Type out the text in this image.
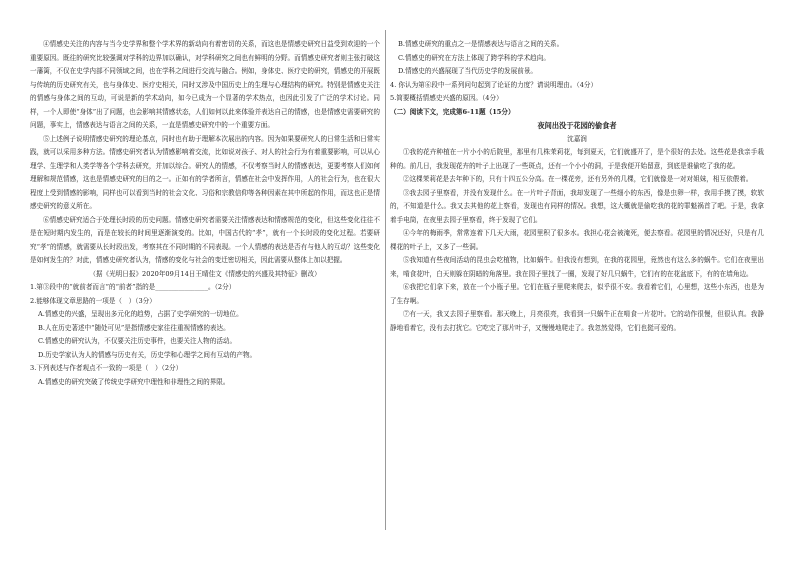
④情感史关注的内容与当今史学界和整个学术界的新动向有着密切的关系，而这也是情感史研究日益受到欢迎的一个重要原因。既往的研究比较强调对学科的边界加以确认，对学科研究之间也有鲜明的分野。而情感史研究者则主张打破这一藩篱，不仅在史学内部不同领域之间，也在学科之间进行交流与融合。例如，身体史、医疗史的研究，情感史的开展既与传统的历史研究有关，也与身体史、医疗史相关，同时又涉及中国历史上的生理与心理结构的研究。特别是情感史关注的情感与身体之间的互动，可说是新的学术动向，如今已成为一个显著的学术热点，也因此引发了广泛的学术讨论。同样，一个人即使“身体”出了问题，也会影响其情感状态，人们如何以此来体验并表达自己的情感，也是情感史需要研究的问题，事实上，情感表达与语言之间的关系，一直是情感史研究中的一个重要方面。

⑤上述例子说明情感史研究的理论基点，同时也有助于理解本次展出的内容。因为如果要研究人的日常生活和日常实践，就可以采用多种方法。情感史研究者认为情感影响着交流，比如说对孩子、对人的社会行为有着重要影响，可以从心理学、生理学和人类学等各个学科去研究，并加以综合。研究人的情感，不仅考察当时人的情感表达，更要考察人们如何理解和规范情感，这也是情感史研究的目的之一。正如有的学者所言，情感在社会中发挥作用，人的社会行为，也在很大程度上受到情感的影响，同样也可以看到当时的社会文化、习俗和宗教信仰等各种因素在其中所起的作用，而这也正是情感史研究的意义所在。

⑥情感史研究适合于处理长时段的历史问题。情感史研究者需要关注情感表达和情感规范的变化，但这些变化往往不是在短时期内发生的，而是在较长的时间里逐渐演变的。比如，中国古代的“孝”，就有一个长时段的变化过程。若要研究“孝”的情感，就需要从长时段出发，考察其在不同时期的不同表现。一个人情感的表达是否有与他人的互动？这些变化是如何发生的？对此，情感史研究者认为，情感的变化与社会的变迁密切相关，因此需要从整体上加以把握。

（据《光明日报》2020年09月14日王晴佳文《情感史的兴盛及其特征》删改）

1.第③段中的“就前者而言”的“前者”指的是________________。（2分）

2.能够体现文章思路的一项是（　）（3分）

A.情感史的兴盛，呈现出多元化的趋势，占据了史学研究的一切地位。

B.人在历史著述中“随处可见”是指情感史家往往重视情感的表达。

C.情感史的研究认为，不仅要关注历史事件，也要关注人物的活动。

D.历史学家认为人的情感与历史有关，历史学和心理学之间有互动的产物。

3.下列表述与作者观点不一致的一项是（　）（2分）

A.情感史的研究突破了传统史学研究中理性和非理性之间的界限。

B.情感史研究的重点之一是情感表达与语言之间的关系。

C.情感史的研究在方法上体现了跨学科的学术趋向。

D.情感史的兴盛展现了当代历史学的发展前景。

4. 你认为第⑥段中一系列问句起到了论证的力度？请说明理由。（4分）

5.简要概括情感史兴盛的原因。（4分）

（二）阅读下文，完成第6-11题（15分）

夜间出没于花园的偷食者

沈嘉润

①我的花卉种植在一片小小的后院里，那里有几株茉莉花，每到夏天，它们就盛开了，是个很好的去处。这些花是我亲手栽种的。前几日，我发现花卉的叶子上出现了一些斑点，还有一个小小的洞，于是我便开始留意，到底是谁偷吃了我的花。

②这棵茉莉花是去年种下的，只有十四五公分高。在一棵花旁，还有另外的几棵，它们就像是一对对姐妹，相互依偎着。

③我去园子里察看，并没有发现什么。在一片叶子背面，我却发现了一些细小的东西，像是虫卵一样，我用手摸了摸，软软的，不知道是什么。我又去其他的花上察看，发现也有同样的情况。我想，这大概就是偷吃我的花的罪魁祸首了吧。于是，我拿着手电筒，在夜里去园子里察看，终于发现了它们。

④今年的梅雨季，常常连着下几天大雨，花园里积了很多水。我担心花会被淹死，便去察看。花园里的情况还好，只是有几棵花的叶子上，又多了一些洞。

⑤我知道有些夜间活动的昆虫会吃植物，比如蜗牛。但我没有想到，在我的花园里，竟然也有这么多的蜗牛。它们在夜里出来，啃食花叶，白天则躲在阴暗的角落里。我在园子里找了一圈，发现了好几只蜗牛，它们有的在花盆底下，有的在墙角边。

⑥我把它们拿下来，放在一个小瓶子里。它们在瓶子里爬来爬去，似乎很不安。我看着它们，心里想，这些小东西，也是为了生存啊。

⑦有一天，我又去园子里察看。那天晚上，月亮很亮，我看到一只蜗牛正在啃食一片花叶。它的动作很慢，但很认真。我静静地看着它，没有去打扰它。它吃完了那片叶子，又慢慢地爬走了。我忽然觉得，它们也挺可爱的。
